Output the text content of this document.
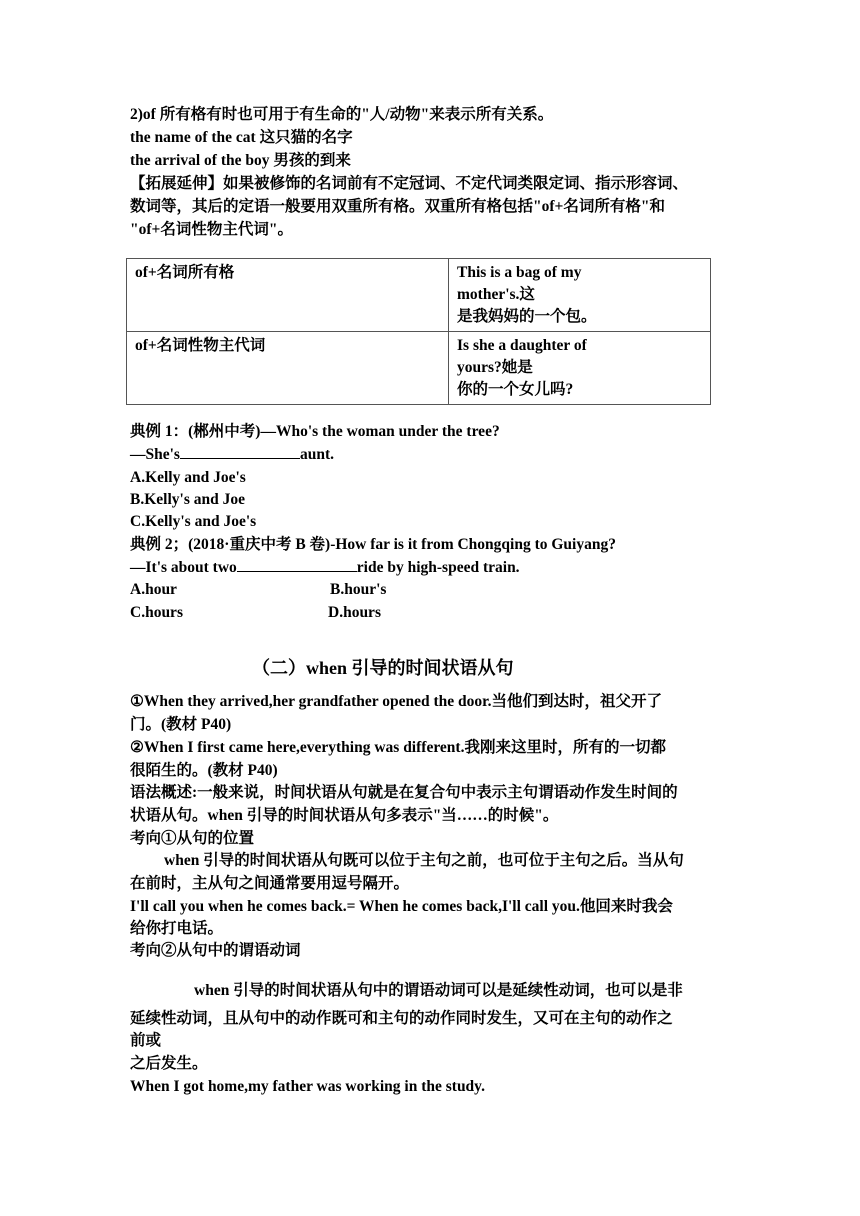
2)of 所有格有时也可用于有生命的"人/动物"来表示所有关系。
the name of the cat 这只猫的名字
the arrival of the boy 男孩的到来
【拓展延伸】如果被修饰的名词前有不定冠词、不定代词类限定词、指示形容词、
数词等，其后的定语一般要用双重所有格。双重所有格包括"of+名词所有格"和
"of+名词性物主代词"。
of+名词所有格	This is a bag of my
mother's.这
是我妈妈的一个包。

of+名词性物主代词	Is she a daughter of
yours?她是
你的一个女儿吗?
典例 1：(郴州中考)—Who's the woman under the tree?
—She's	aunt.
A.Kelly and Joe's
B.Kelly's and Joe
C.Kelly's and Joe's
典例 2；(2018·重庆中考 B 卷)-How far is it from Chongqing to Guiyang?
—It's about two	ride by high-speed train.
A.hour	B.hour's
C.hours	D.hours
（二）when 引导的时间状语从句
①When they arrived,her grandfather opened the door.当他们到达时，祖父开了
门。(教材 P40)
②When I first came here,everything was different.我刚来这里时，所有的一切都
很陌生的。(教材 P40)
语法概述:一般来说，时间状语从句就是在复合句中表示主句谓语动作发生时间的
状语从句。when 引导的时间状语从句多表示"当……的时候"。
考向①从句的位置
when 引导的时间状语从句既可以位于主句之前，也可位于主句之后。当从句
在前时，主从句之间通常要用逗号隔开。
I'll call you when he comes back.= When he comes back,I'll call you.他回来时我会
给你打电话。
考向②从句中的谓语动词
when 引导的时间状语从句中的谓语动词可以是延续性动词，也可以是非
延续性动词，且从句中的动作既可和主句的动作同时发生，又可在主句的动作之
前或
之后发生。
When I got home,my father was working in the study.
